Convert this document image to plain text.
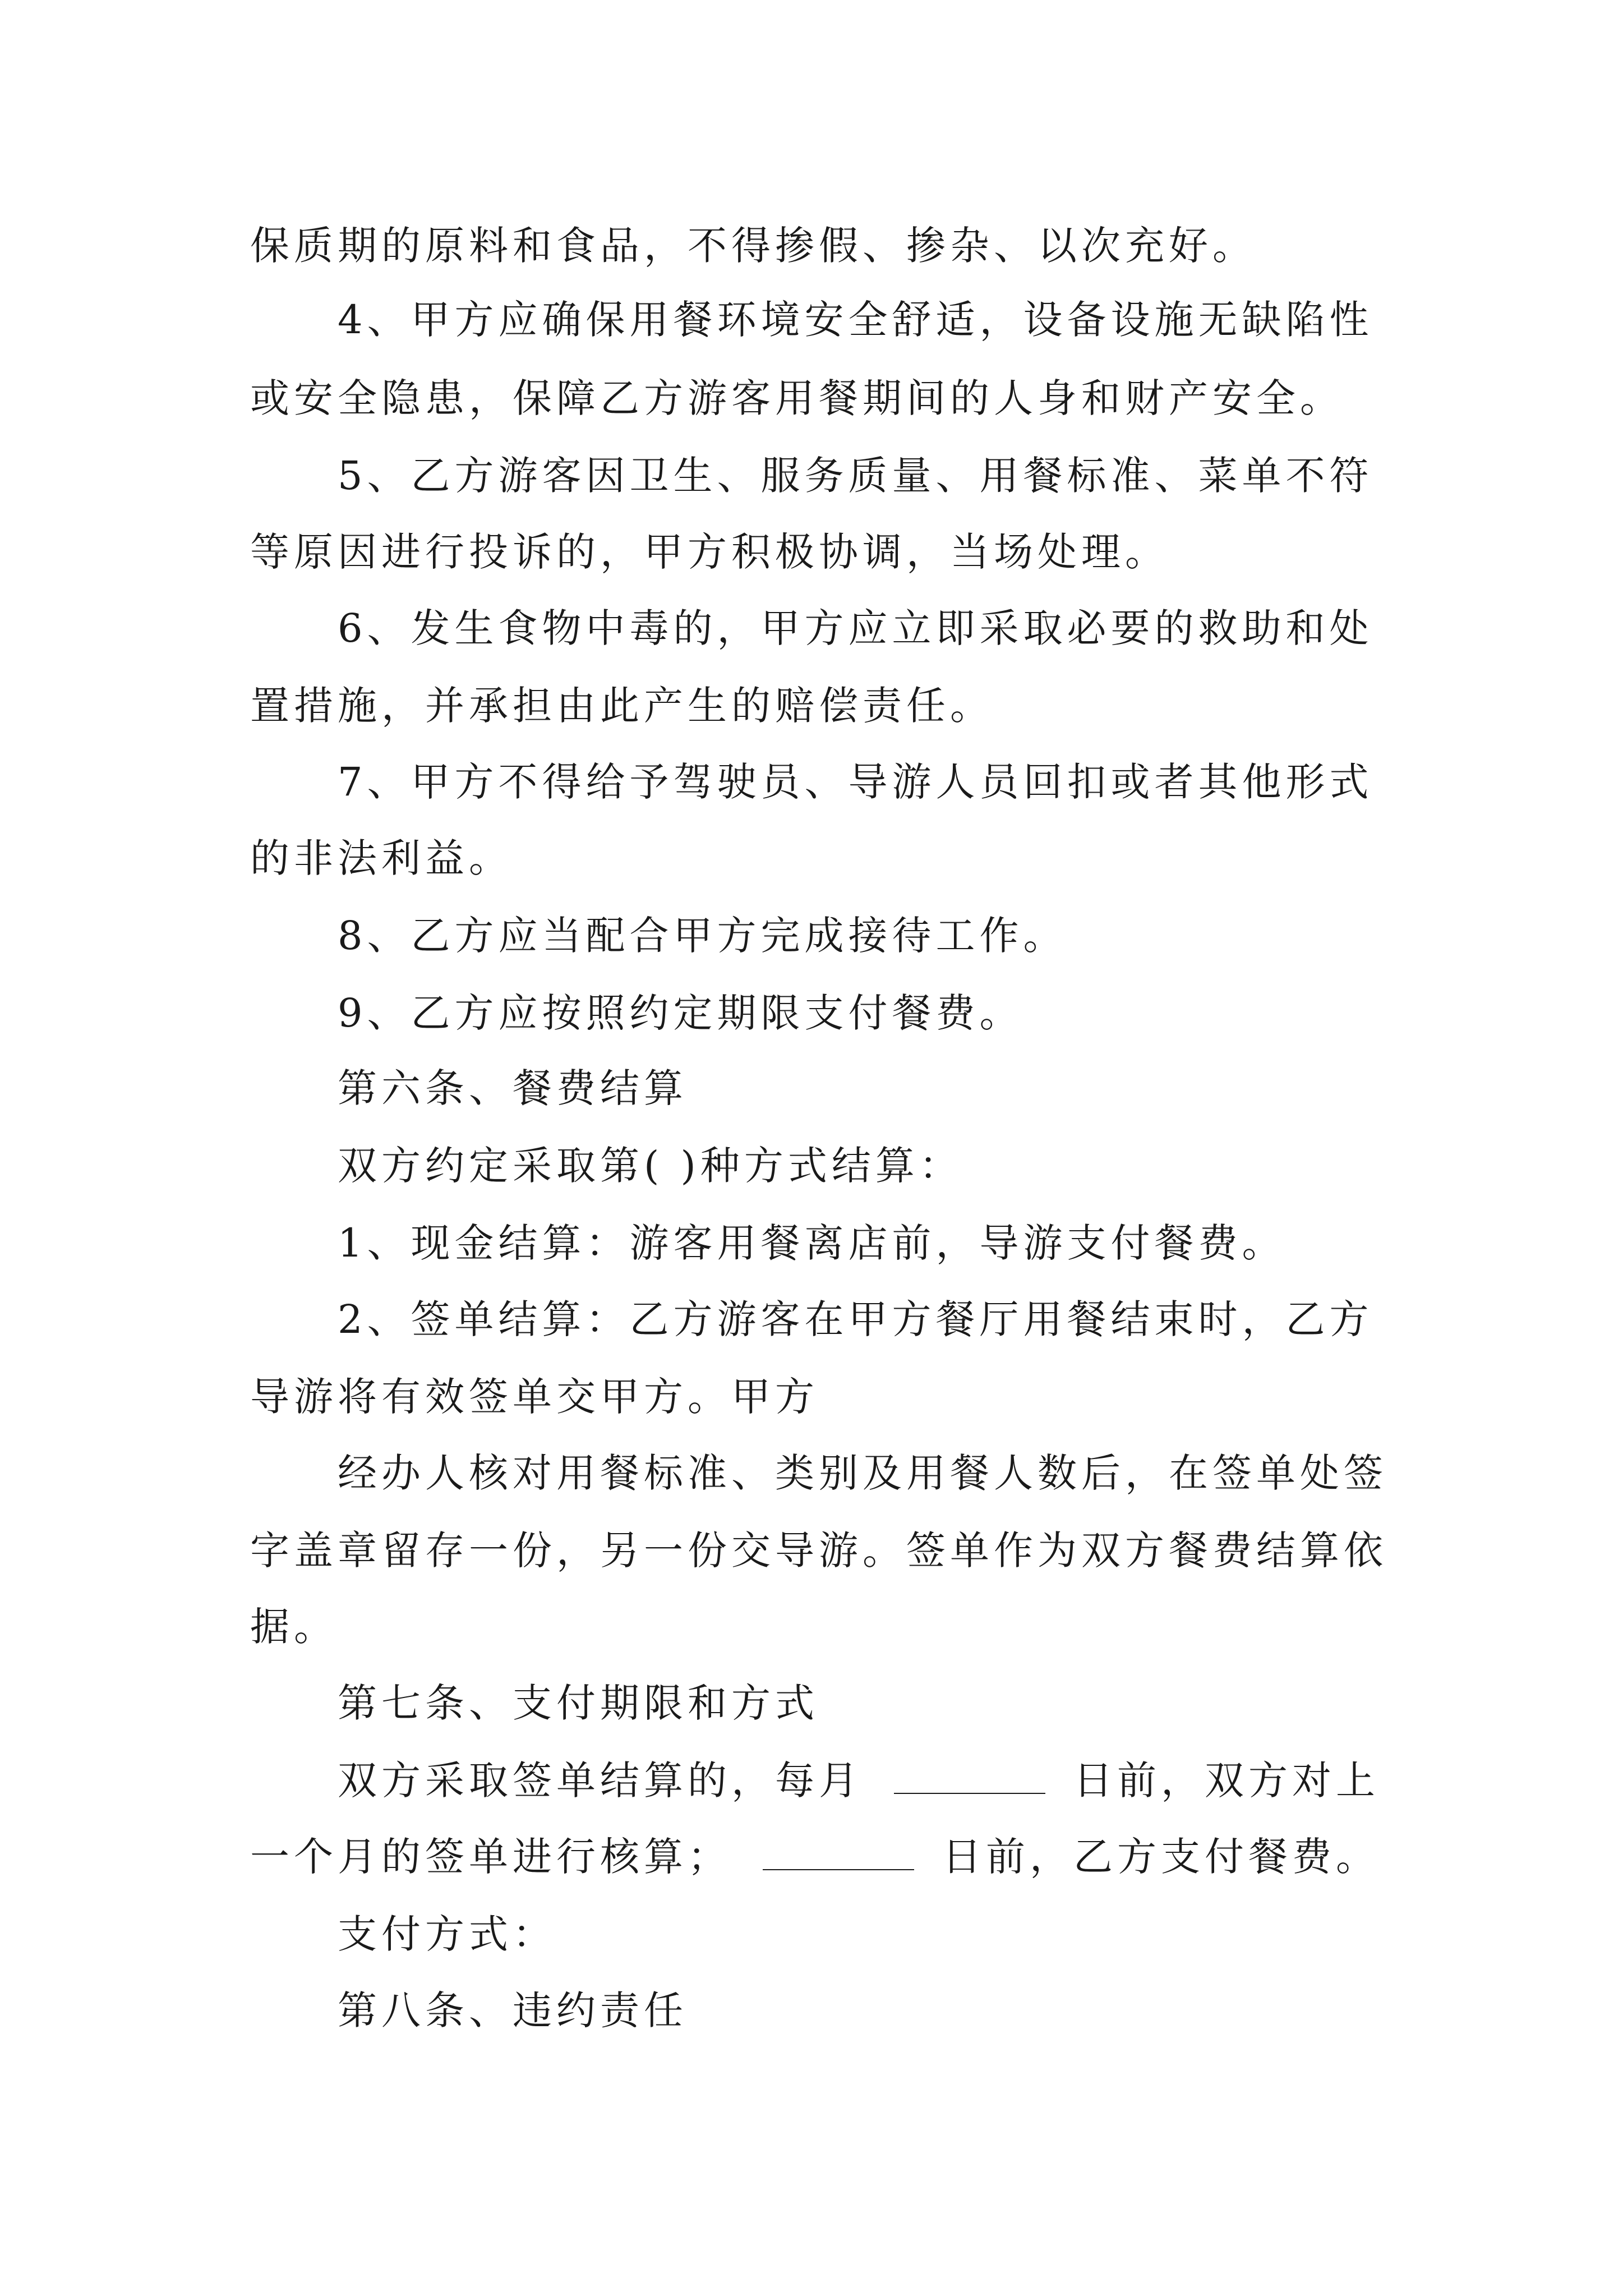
保质期的原料和食品，不得掺假、掺杂、以次充好。

4、甲方应确保用餐环境安全舒适，设备设施无缺陷性

或安全隐患，保障乙方游客用餐期间的人身和财产安全。

5、乙方游客因卫生、服务质量、用餐标准、菜单不符

等原因进行投诉的，甲方积极协调，当场处理。

6、发生食物中毒的，甲方应立即采取必要的救助和处

置措施，并承担由此产生的赔偿责任。

7、甲方不得给予驾驶员、导游人员回扣或者其他形式

的非法利益。

8、乙方应当配合甲方完成接待工作。

9、乙方应按照约定期限支付餐费。

第六条、餐费结算

双方约定采取第( )种方式结算：

1、现金结算：游客用餐离店前，导游支付餐费。

2、签单结算：乙方游客在甲方餐厅用餐结束时，乙方

导游将有效签单交甲方。甲方

经办人核对用餐标准、类别及用餐人数后，在签单处签

字盖章留存一份，另一份交导游。签单作为双方餐费结算依

据。

第七条、支付期限和方式

双方采取签单结算的，每月	日前，双方对上

一个月的签单进行核算；	日前，乙方支付餐费。

支付方式：

第八条、违约责任
